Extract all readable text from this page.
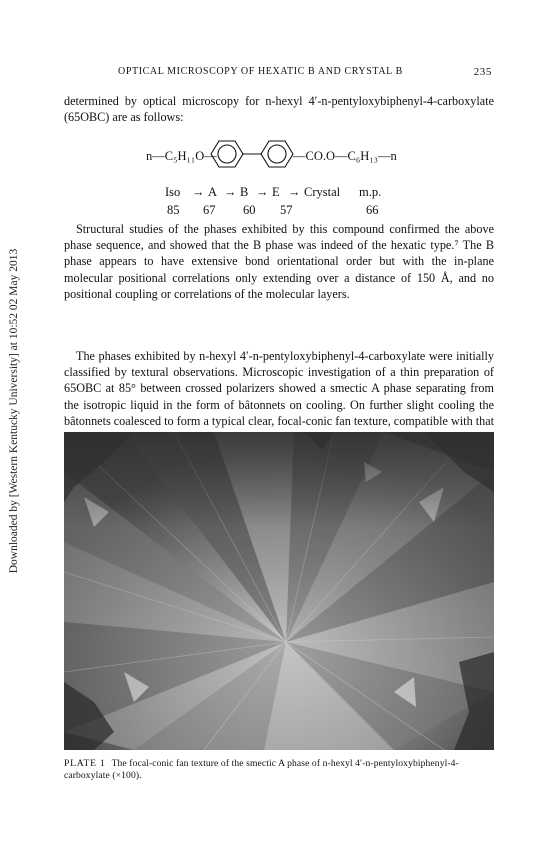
Downloaded by [Western Kentucky University] at 10:52 02 May 2013
OPTICAL MICROSCOPY OF HEXATIC B AND CRYSTAL B	235

determined by optical microscopy for n-hexyl 4′-n-pentyloxybiphenyl-4-carboxylate (65OBC) are as follows:

n—C₅H₁₁O—	—CO.O—C₆H₁₃—n
Iso → A → B → E → Crystal m.p.
85 67 60 57	66

Structural studies of the phases exhibited by this compound confirmed the above phase sequence, and showed that the B phase was indeed of the hexatic type.⁷ The B phase appears to have extensive bond orientational order but with the in-plane molecular positional correlations only extending over a distance of 150 Å, and no positional coupling or correlations of the molecular layers.

The phases exhibited by n-hexyl 4′-n-pentyloxybiphenyl-4-carboxylate were initially classified by textural observations. Microscopic investigation of a thin preparation of 65OBC at 85° between crossed polarizers showed a smectic A phase separating from the isotropic liquid in the form of bâtonnets on cooling. On further slight cooling the bâtonnets coalesced to form a typical clear, focal-conic fan texture, compatible with that

PLATE 1 The focal-conic fan texture of the smectic A phase of n-hexyl 4′-n-pentyloxybiphenyl-4-carboxylate (×100).
